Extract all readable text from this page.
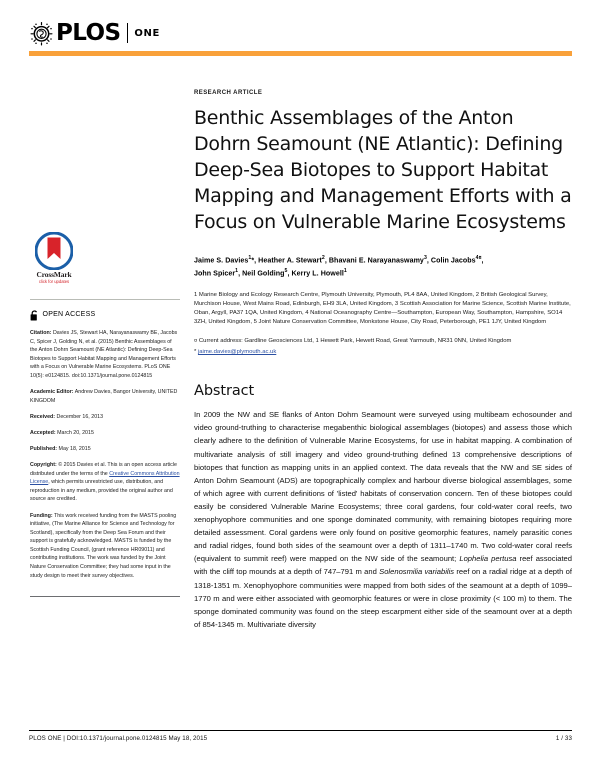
PLOS ONE
CrossMark
click for updates
OPEN ACCESS
Citation: Davies JS, Stewart HA, Narayanaswamy BE, Jacobs C, Spicer J, Golding N, et al. (2015) Benthic Assemblages of the Anton Dohrn Seamount (NE Atlantic): Defining Deep-Sea Biotopes to Support Habitat Mapping and Management Efforts with a Focus on Vulnerable Marine Ecosystems. PLoS ONE 10(5): e0124815. doi:10.1371/journal.pone.0124815
Academic Editor: Andrew Davies, Bangor University, UNITED KINGDOM
Received: December 16, 2013
Accepted: March 20, 2015
Published: May 18, 2015
Copyright: © 2015 Davies et al. This is an open access article distributed under the terms of the Creative Commons Attribution License, which permits unrestricted use, distribution, and reproduction in any medium, provided the original author and source are credited.
Funding: This work received funding from the MASTS pooling initiative, (The Marine Alliance for Science and Technology for Scotland), specifically from the Deep Sea Forum and their support is gratefully acknowledged. MASTS is funded by the Scottish Funding Council, (grant reference HR09011) and contributing institutions. The work was funded by the Joint Nature Conservation Committee; they had some input in the study design to meet their survey objectives.
RESEARCH ARTICLE
Benthic Assemblages of the Anton Dohrn Seamount (NE Atlantic): Defining Deep-Sea Biotopes to Support Habitat Mapping and Management Efforts with a Focus on Vulnerable Marine Ecosystems
Jaime S. Davies$^1$*, Heather A. Stewart$^2$, Bhavani E. Narayanaswamy$^3$, Colin Jacobs$^{4¤}$,
John Spicer$^1$, Neil Golding$^5$, Kerry L. Howell$^1$
1 Marine Biology and Ecology Research Centre, Plymouth University, Plymouth, PL4 8AA, United Kingdom, 2 British Geological Survey, Murchison House, West Mains Road, Edinburgh, EH9 3LA, United Kingdom, 3 Scottish Association for Marine Science, Scottish Marine Institute, Oban, Argyll, PA37 1QA, United Kingdom, 4 National Oceanography Centre—Southampton, European Way, Southampton, Hampshire, SO14 3ZH, United Kingdom, 5 Joint Nature Conservation Committee, Monkstone House, City Road, Peterborough, PE1 1JY, United Kingdom
¤ Current address: Gardline Geosciences Ltd, 1 Hewett Park, Hewett Road, Great Yarmouth, NR31 0NN, United Kingdom
* jaime.davies@plymouth.ac.uk
Abstract
In 2009 the NW and SE flanks of Anton Dohrn Seamount were surveyed using multibeam echosounder and video ground-truthing to characterise megabenthic biological assemblages (biotopes) and assess those which clearly adhere to the definition of Vulnerable Marine Ecosystems, for use in habitat mapping. A combination of multivariate analysis of still imagery and video ground-truthing defined 13 comprehensive descriptions of biotopes that function as mapping units in an applied context. The data reveals that the NW and SE sides of Anton Dohrn Seamount (ADS) are topographically complex and harbour diverse biological assemblages, some of which agree with current definitions of 'listed' habitats of conservation concern. Ten of these biotopes could easily be considered Vulnerable Marine Ecosystems; three coral gardens, four cold-water coral reefs, two xenophyophore communities and one sponge dominated community, with remaining biotopes requiring more detailed assessment. Coral gardens were only found on positive geomorphic features, namely parasitic cones and radial ridges, found both sides of the seamount over a depth of 1311–1740 m. Two cold-water coral reefs (equivalent to summit reef) were mapped on the NW side of the seamount; Lophelia pertusa reef associated with the cliff top mounds at a depth of 747–791 m and Solenosmilia variabilis reef on a radial ridge at a depth of 1318-1351 m. Xenophyophore communities were mapped from both sides of the seamount at a depth of 1099–1770 m and were either associated with geomorphic features or were in close proximity (< 100 m) to them. The sponge dominated community was found on the steep escarpment either side of the seamount over at a depth of 854-1345 m. Multivariate diversity
PLOS ONE | DOI:10.1371/journal.pone.0124815 May 18, 2015	1 / 33
